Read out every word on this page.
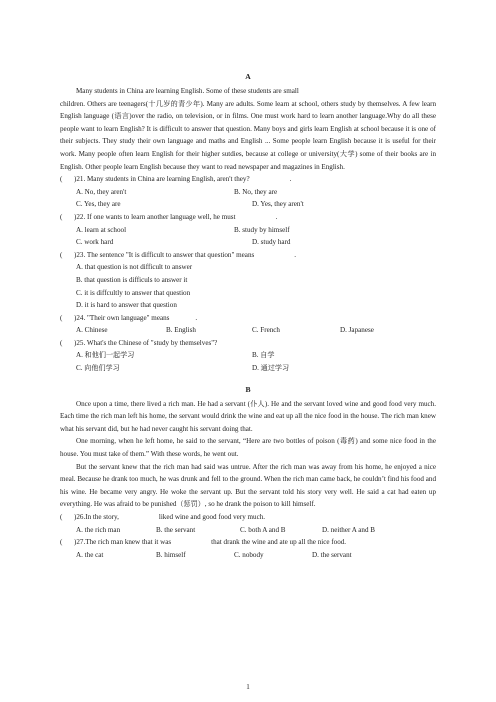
A

Many students in China are learning English. Some of these students are small

children. Others are teenagers(十几岁的青少年). Many are adults. Some learn at school, others study by themselves. A few learn English language (语言)over the radio, on television, or in films. One must work hard to learn another language.Why do all these people want to learn English? It is difficult to answer that question. Many boys and girls learn English at school because it is one of their subjects. They study their own language and maths and English ... Some people learn English because it is useful for their work. Many people often learn English for their higher sutdies, because at college or university(大学) some of their books are in English. Other people learn English because they want to read newspaper and magazines in English.

(	)21. Many students in China are learning English, aren't they?	.
A. No, they aren't	B. No, they are
C. Yes, they are	D. Yes, they aren't
(	)22. If one wants to learn another language well, he must	.
A. learn at school	B. study by himself
C. work hard	D. study hard
(	)23. The sentence "It is difficult to answer that question" means	.
A. that question is not difficult to answer
B. that question is difficuls to answer it
C. it is diffcultly to answer that question
D. it is hard to answer that question
(	)24. "Their own language" means	.
A. Chinese	B. English	C. French	D. Japanese
(	)25. What's the Chinese of "study by themselves"?
A. 和他们一起学习	B. 自学
C. 向他们学习	D. 通过学习
B

Once upon a time, there lived a rich man. He had a servant (仆人). He and the servant loved wine and good food very much. Each time the rich man left his home, the servant would drink the wine and eat up all the nice food in the house. The rich man knew what his servant did, but he had never caught his servant doing that.

One morning, when he left home, he said to the servant, “Here are two bottles of poison (毒药) and some nice food in the house. You must take of them.” With these words, he went out.

But the servant knew that the rich man had said was untrue. After the rich man was away from his home, he enjoyed a nice meal. Because he drank too much, he was drunk and fell to the ground. When the rich man came back, he couldn’t find his food and his wine. He became very angry. He woke the servant up. But the servant told his story very well. He said a cat had eaten up everything. He was afraid to be punished（惩罚）, so he drank the poison to kill himself.

(	)26.In the story,	liked wine and good food very much.
A. the rich man	B. the servant	C. both A and B	D. neither A and B
(	)27.The rich man knew that it was	that drank the wine and ate up all the nice food.
A. the cat	B. himself	C. nobody	D. the servant
1
